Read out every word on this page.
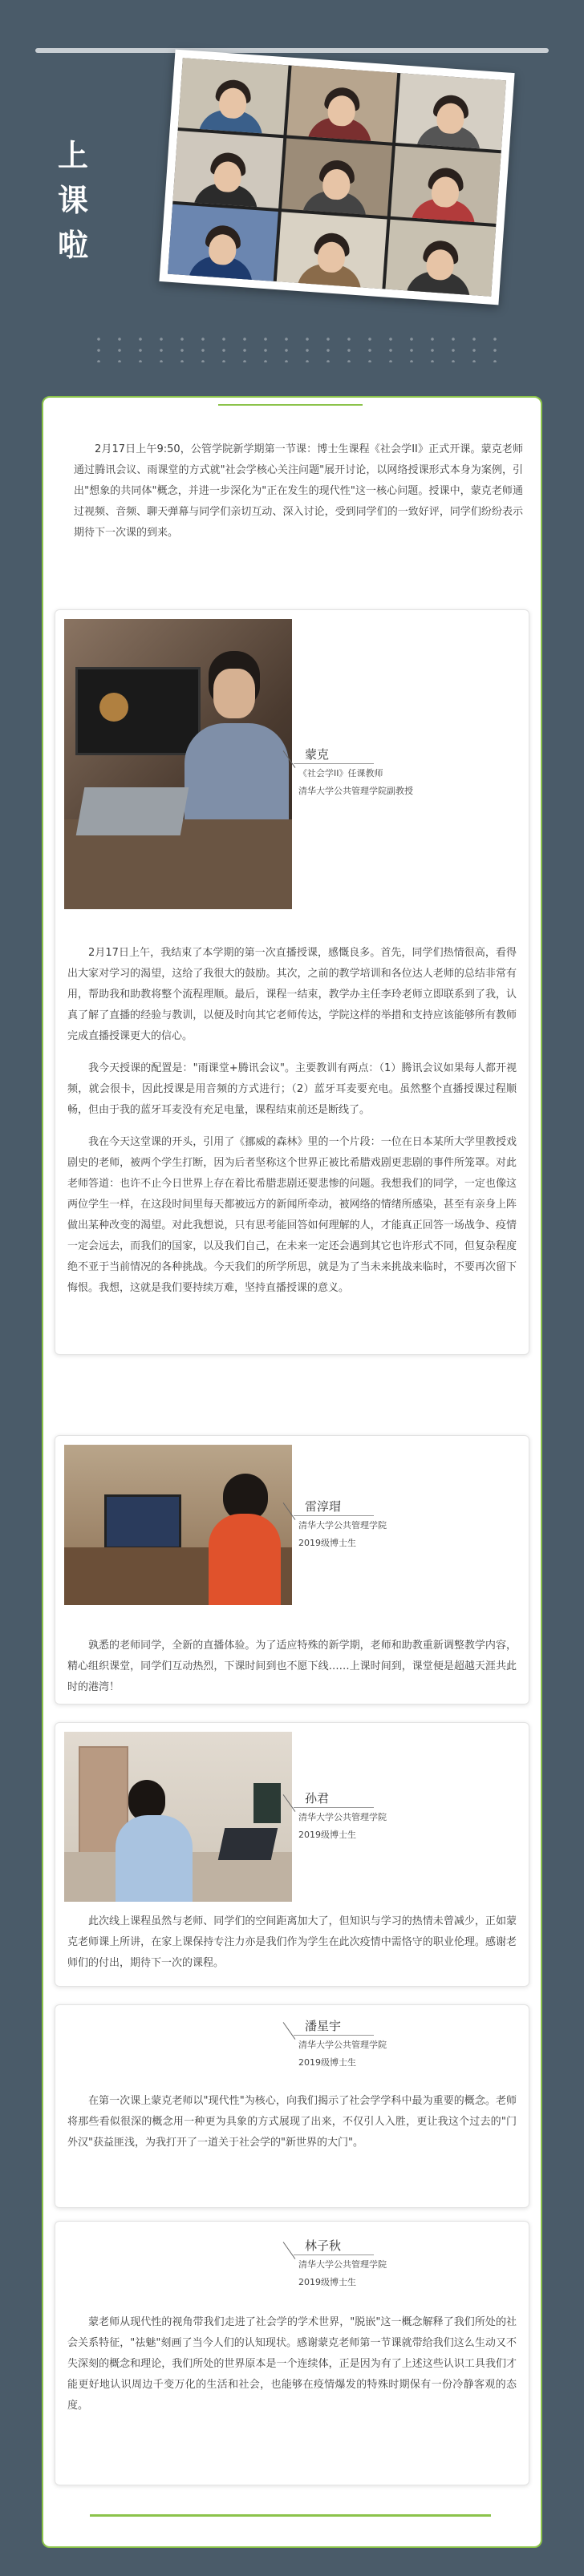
上
课
啦

2月17日上午9:50，公管学院新学期第一节课：博士生课程《社会学II》正式开课。蒙克老师通过腾讯会议、雨课堂的方式就"社会学核心关注问题"展开讨论，以网络授课形式本身为案例，引出"想象的共同体"概念，并进一步深化为"正在发生的现代性"这一核心问题。授课中，蒙克老师通过视频、音频、聊天弹幕与同学们亲切互动、深入讨论，受到同学们的一致好评，同学们纷纷表示期待下一次课的到来。

蒙克
《社会学II》任课教师
清华大学公共管理学院副教授

2月17日上午，我结束了本学期的第一次直播授课，感慨良多。首先，同学们热情很高，看得出大家对学习的渴望，这给了我很大的鼓励。其次，之前的教学培训和各位达人老师的总结非常有用，帮助我和助教将整个流程理顺。最后，课程一结束，教学办主任李玲老师立即联系到了我，认真了解了直播的经验与教训，以便及时向其它老师传达，学院这样的举措和支持应该能够所有教师完成直播授课更大的信心。

我今天授课的配置是："雨课堂+腾讯会议"。主要教训有两点：（1）腾讯会议如果每人都开视频，就会很卡，因此授课是用音频的方式进行；（2）蓝牙耳麦要充电。虽然整个直播授课过程顺畅，但由于我的蓝牙耳麦没有充足电量，课程结束前还是断线了。

我在今天这堂课的开头，引用了《挪威的森林》里的一个片段：一位在日本某所大学里教授戏剧史的老师，被两个学生打断，因为后者坚称这个世界正被比希腊戏剧更悲剧的事件所笼罩。对此老师答道：也许不止今日世界上存在着比希腊悲剧还要悲惨的问题。我想我们的同学，一定也像这两位学生一样，在这段时间里每天都被远方的新闻所牵动，被网络的情绪所感染，甚至有亲身上阵做出某种改变的渴望。对此我想说，只有思考能回答如何理解的人，才能真正回答一场战争、疫情一定会远去，而我们的国家，以及我们自己，在未来一定还会遇到其它也许形式不同，但复杂程度绝不亚于当前情况的各种挑战。今天我们的所学所思，就是为了当未来挑战来临时，不要再次留下悔恨。我想，这就是我们要持续万难，坚持直播授课的意义。

雷淳瑁
清华大学公共管理学院
2019级博士生

孰悉的老师同学，全新的直播体验。为了适应特殊的新学期，老师和助教重新调整教学内容，精心组织课堂，同学们互动热烈，下课时间到也不愿下线……上课时间到，课堂便是超越天涯共此时的港湾！

孙君
清华大学公共管理学院
2019级博士生

此次线上课程虽然与老师、同学们的空间距离加大了，但知识与学习的热情未曾减少，正如蒙克老师课上所讲，在家上课保持专注力亦是我们作为学生在此次疫情中需恪守的职业伦理。感谢老师们的付出，期待下一次的课程。

潘星宇
清华大学公共管理学院
2019级博士生

在第一次课上蒙克老师以"现代性"为核心，向我们揭示了社会学学科中最为重要的概念。老师将那些看似很深的概念用一种更为具象的方式展现了出来，不仅引人入胜，更让我这个过去的"门外汉"获益匪浅，为我打开了一道关于社会学的"新世界的大门"。

林子秋
清华大学公共管理学院
2019级博士生

蒙老师从现代性的视角带我们走进了社会学的学术世界，"脱嵌"这一概念解释了我们所处的社会关系特征，"祛魅"刻画了当今人们的认知现状。感谢蒙克老师第一节课就带给我们这么生动又不失深刻的概念和理论，我们所处的世界原本是一个连续体，正是因为有了上述这些认识工具我们才能更好地认识周边千变万化的生活和社会，也能够在疫情爆发的特殊时期保有一份冷静客观的态度。
